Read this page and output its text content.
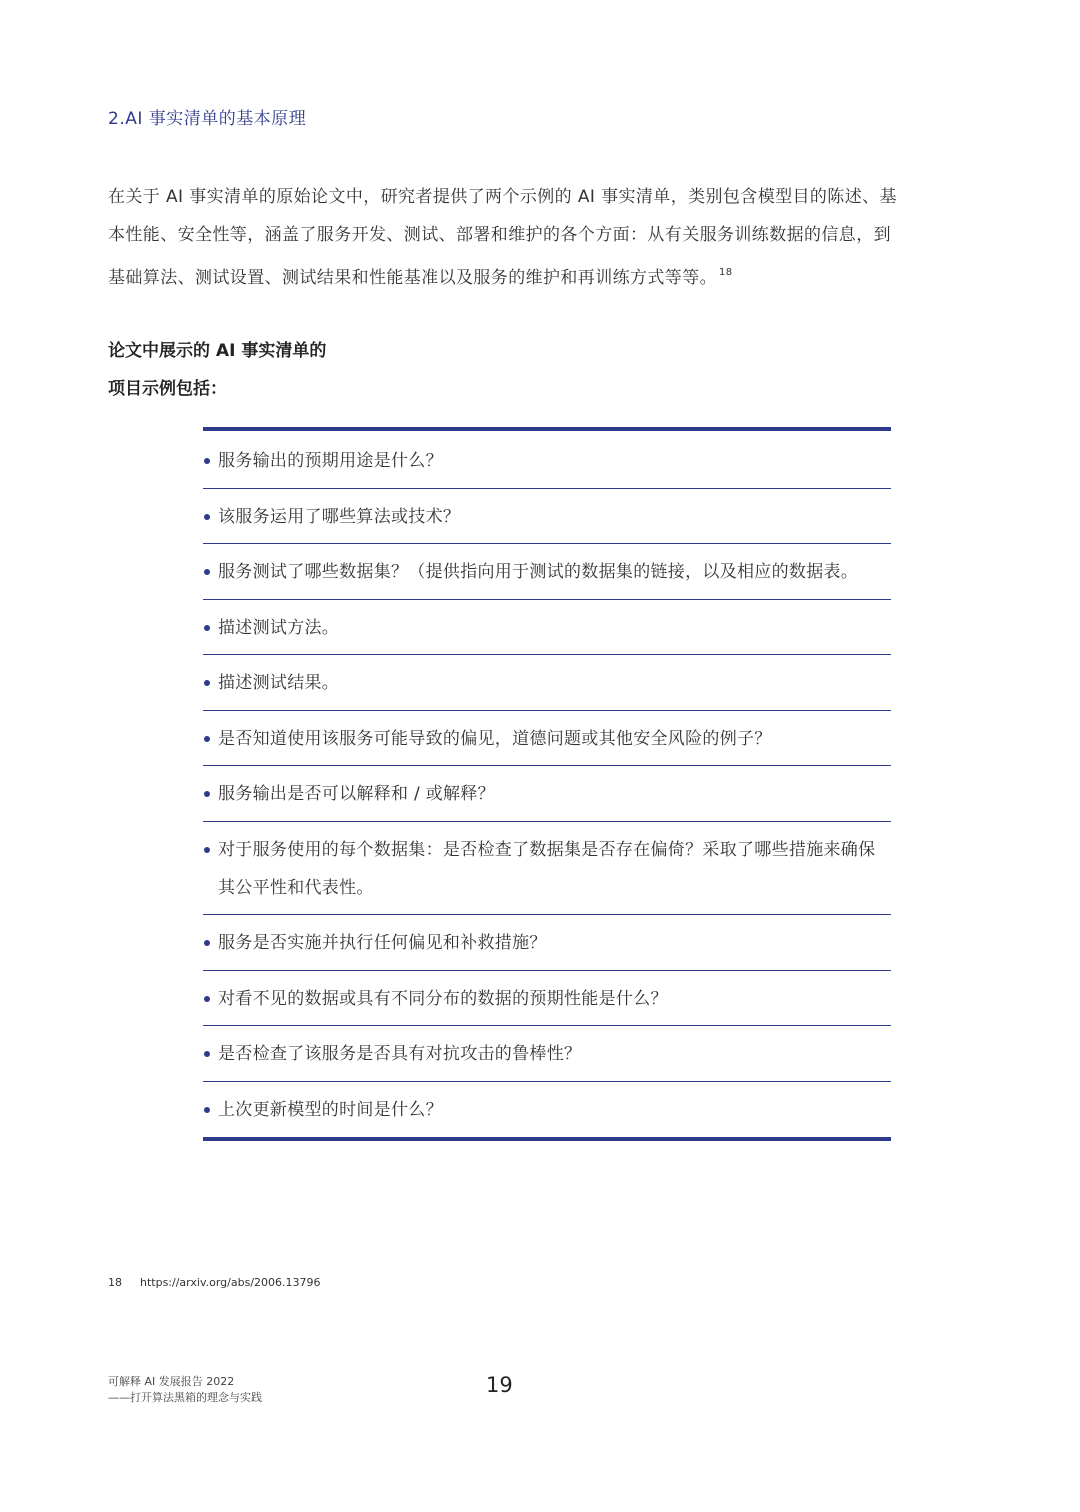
2.AI 事实清单的基本原理
在关于 AI 事实清单的原始论文中，研究者提供了两个示例的 AI 事实清单，类别包含模型目的陈述、基本性能、安全性等，涵盖了服务开发、测试、部署和维护的各个方面：从有关服务训练数据的信息，到基础算法、测试设置、测试结果和性能基准以及服务的维护和再训练方式等等。 $^{18}$
论文中展示的 AI 事实清单的
项目示例包括：
服务输出的预期用途是什么？
该服务运用了哪些算法或技术？
服务测试了哪些数据集？（提供指向用于测试的数据集的链接，以及相应的数据表。
描述测试方法。
描述测试结果。
是否知道使用该服务可能导致的偏见，道德问题或其他安全风险的例子？
服务输出是否可以解释和 / 或解释？
对于服务使用的每个数据集：是否检查了数据集是否存在偏倚？采取了哪些措施来确保其公平性和代表性。
服务是否实施并执行任何偏见和补救措施？
对看不见的数据或具有不同分布的数据的预期性能是什么？
是否检查了该服务是否具有对抗攻击的鲁棒性？
上次更新模型的时间是什么？
18 https://arxiv.org/abs/2006.13796
可解释 AI 发展报告 2022
——打开算法黑箱的理念与实践
19
